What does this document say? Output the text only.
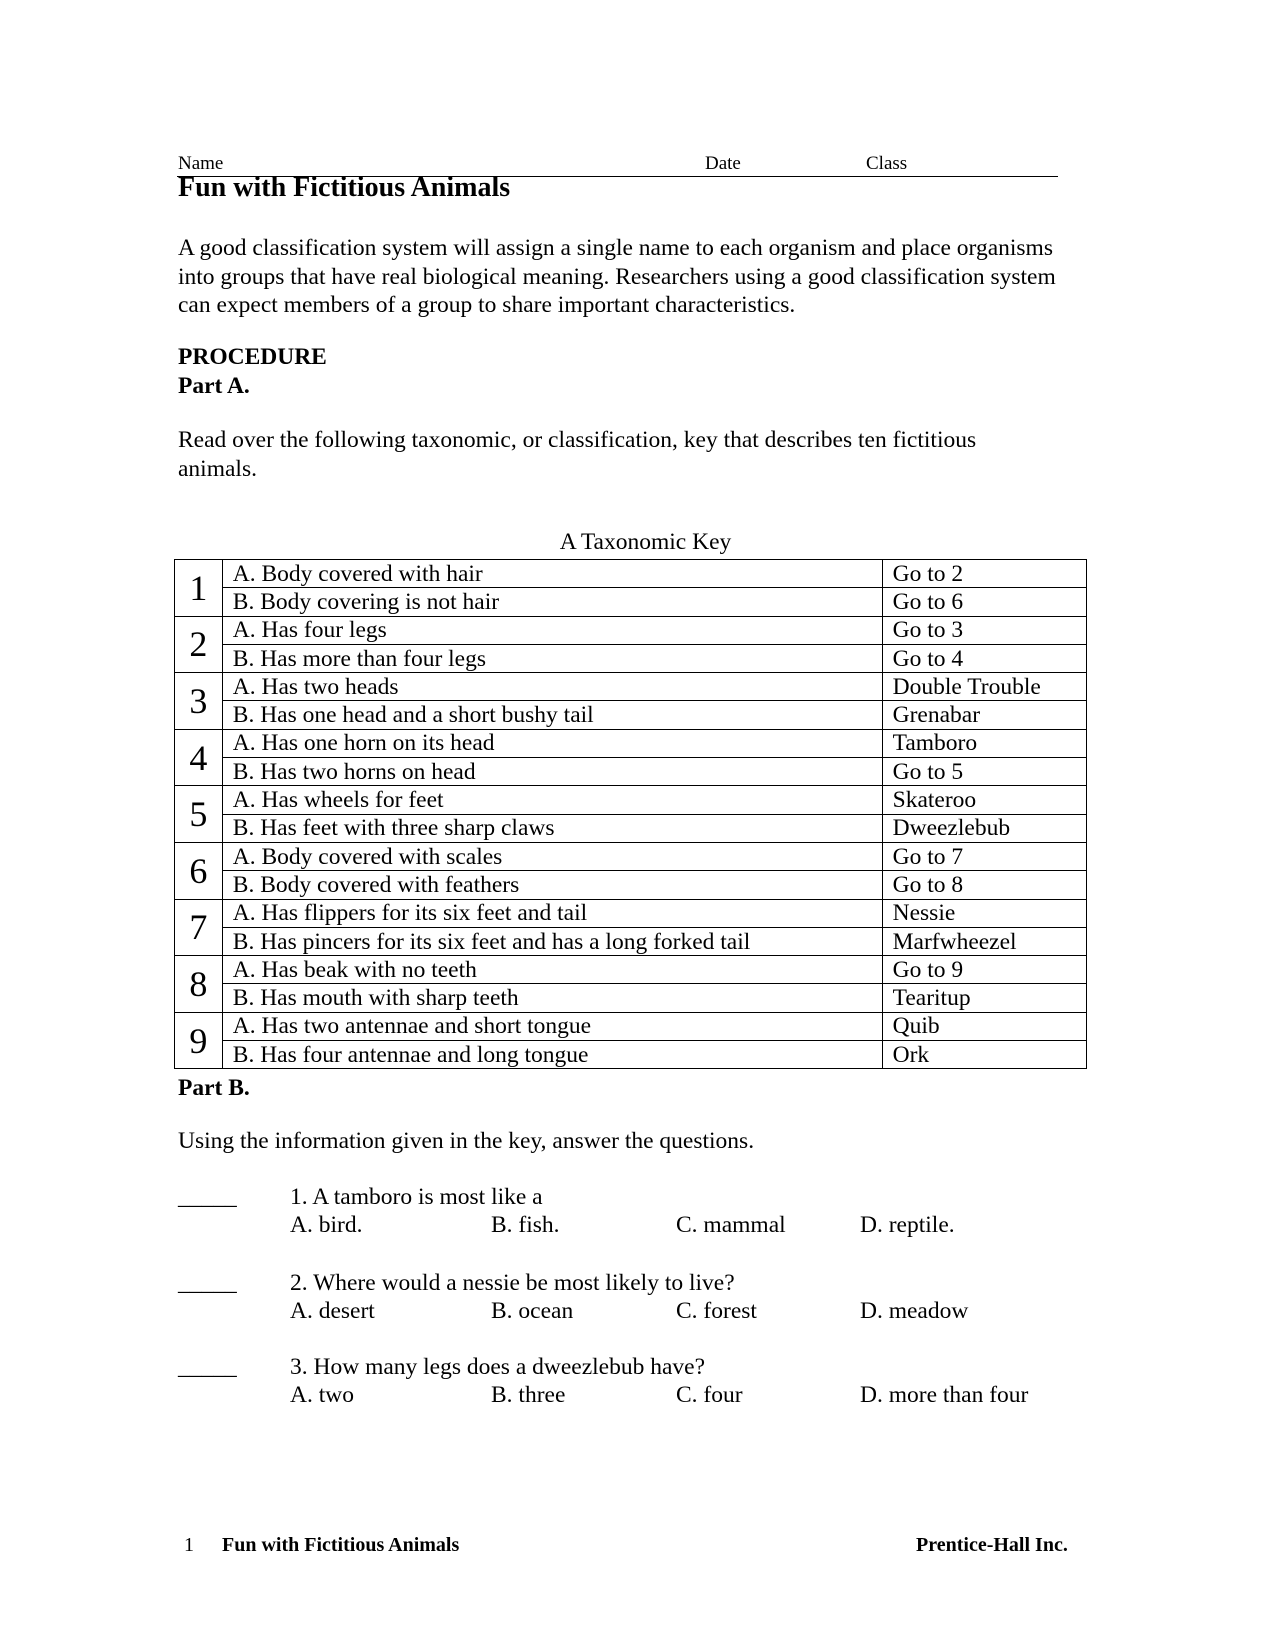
Name	Date	Class
Fun with Fictitious Animals
A good classification system will assign a single name to each organism and place organisms into groups that have real biological meaning. Researchers using a good classification system can expect members of a group to share important characteristics.
PROCEDURE
Part A.
Read over the following taxonomic, or classification, key that describes ten fictitious animals.
A Taxonomic Key
1	A. Body covered with hair	Go to 2
	B. Body covering is not hair	Go to 6
2	A. Has four legs	Go to 3
	B. Has more than four legs	Go to 4
3	A. Has two heads	Double Trouble
	B. Has one head and a short bushy tail	Grenabar
4	A. Has one horn on its head	Tamboro
	B. Has two horns on head	Go to 5
5	A. Has wheels for feet	Skateroo
	B. Has feet with three sharp claws	Dweezlebub
6	A. Body covered with scales	Go to 7
	B. Body covered with feathers	Go to 8
7	A. Has flippers for its six feet and tail	Nessie
	B. Has pincers for its six feet and has a long forked tail	Marfwheezel
8	A. Has beak with no teeth	Go to 9
	B. Has mouth with sharp teeth	Tearitup
9	A. Has two antennae and short tongue	Quib
	B. Has four antennae and long tongue	Ork
Part B.
Using the information given in the key, answer the questions.
_____ 1. A tamboro is most like a
A. bird.	B. fish.	C. mammal	D. reptile.
_____ 2. Where would a nessie be most likely to live?
A. desert	B. ocean	C. forest	D. meadow
_____ 3. How many legs does a dweezlebub have?
A. two	B. three	C. four	D. more than four
1 Fun with Fictitious Animals	Prentice-Hall Inc.
